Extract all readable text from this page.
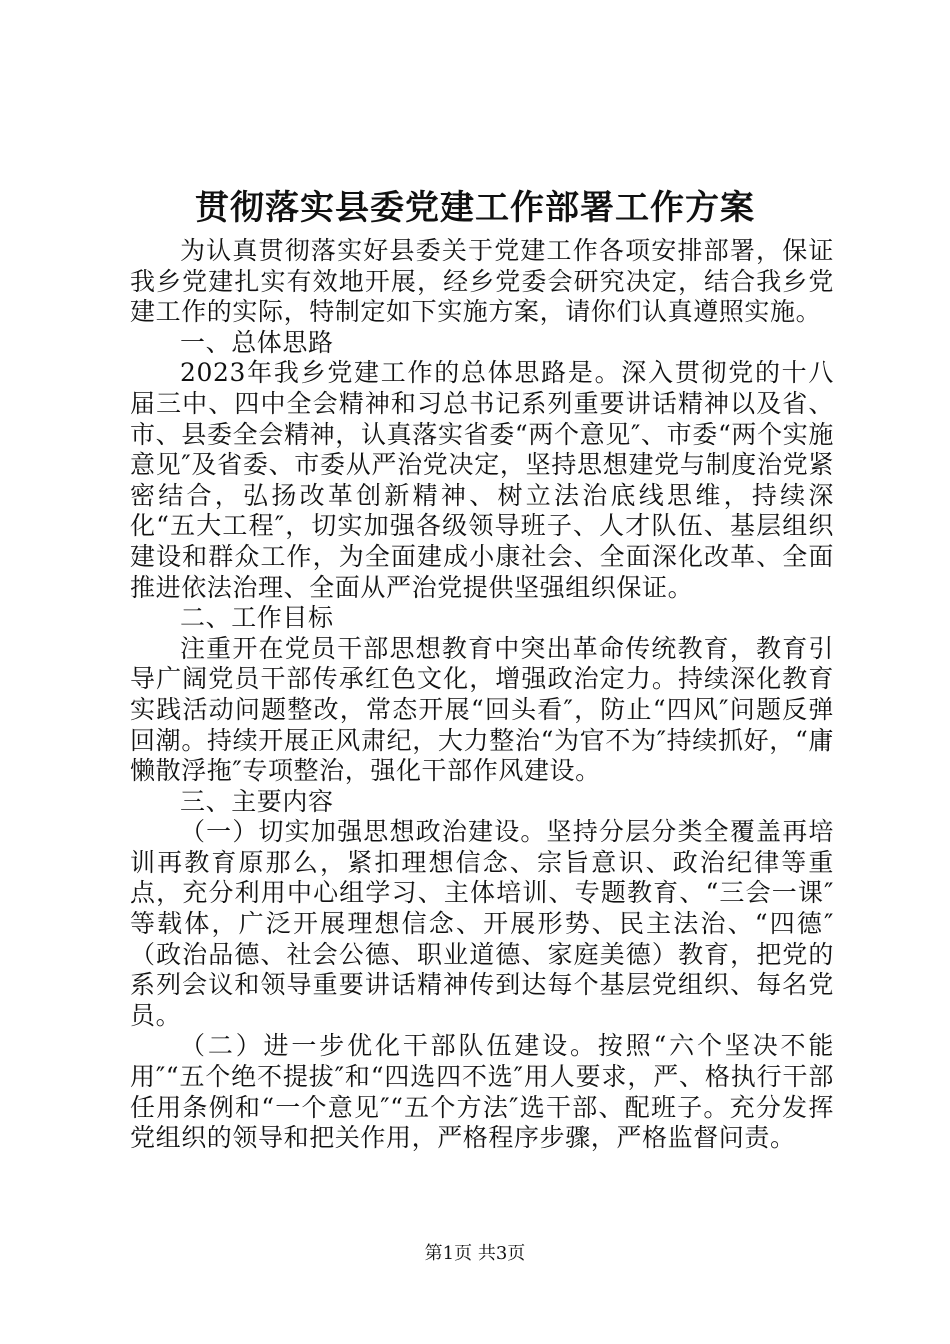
贯彻落实县委党建工作部署工作方案

为认真贯彻落实好县委关于党建工作各项安排部署，保证我乡党建扎实有效地开展，经乡党委会研究决定，结合我乡党建工作的实际，特制定如下实施方案，请你们认真遵照实施。

一、总体思路

2023年我乡党建工作的总体思路是。深入贯彻党的十八届三中、四中全会精神和习总书记系列重要讲话精神以及省、市、县委全会精神，认真落实省委“两个意见″、市委“两个实施意见″及省委、市委从严治党决定，坚持思想建党与制度治党紧密结合，弘扬改革创新精神、树立法治底线思维，持续深化“五大工程″，切实加强各级领导班子、人才队伍、基层组织建设和群众工作，为全面建成小康社会、全面深化改革、全面推进依法治理、全面从严治党提供坚强组织保证。

二、工作目标

注重开在党员干部思想教育中突出革命传统教育，教育引导广阔党员干部传承红色文化，增强政治定力。持续深化教育实践活动问题整改，常态开展“回头看″，防止“四风″问题反弹回潮。持续开展正风肃纪，大力整治“为官不为″持续抓好，“庸懒散浮拖″专项整治，强化干部作风建设。

三、主要内容

（一）切实加强思想政治建设。坚持分层分类全覆盖再培训再教育原那么，紧扣理想信念、宗旨意识、政治纪律等重点，充分利用中心组学习、主体培训、专题教育、“三会一课″等载体，广泛开展理想信念、开展形势、民主法治、“四德″（政治品德、社会公德、职业道德、家庭美德）教育，把党的系列会议和领导重要讲话精神传到达每个基层党组织、每名党员。

（二）进一步优化干部队伍建设。按照“六个坚决不能用″“五个绝不提拔″和“四选四不选″用人要求，严、格执行干部任用条例和“一个意见″“五个方法″选干部、配班子。充分发挥党组织的领导和把关作用，严格程序步骤，严格监督问责。

第1页 共3页
